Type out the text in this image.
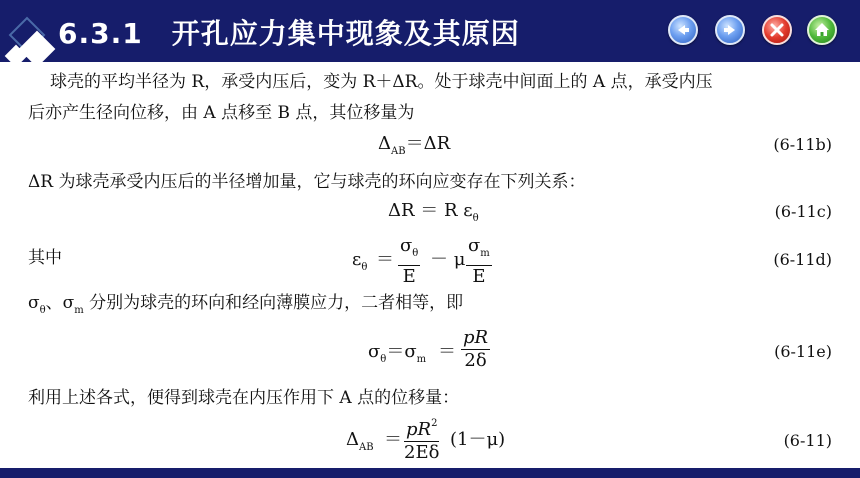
6.3.1　开孔应力集中现象及其原因
球壳的平均半径为 R，承受内压后，变为 R＋ΔR。处于球壳中间面上的 A 点，承受内压
后亦产生径向位移，由 A 点移至 B 点，其位移量为
$\Delta_{AB}=\Delta R$	(6-11b)
ΔR 为球壳承受内压后的半径增加量，它与球壳的环向应变存在下列关系：
ΔR ＝ R $\varepsilon_\theta$	(6-11c)
其中	$\varepsilon_\theta = \frac{\sigma_\theta}{E} - \mu \frac{\sigma_m}{E}$	(6-11d)
$\sigma_\theta$、$\sigma_m$ 分别为球壳的环向和经向薄膜应力，二者相等，即
$\sigma_\theta=\sigma_m = \frac{pR}{2\delta}$	(6-11e)
利用上述各式，便得到球壳在内压作用下 A 点的位移量：
$\Delta_{AB} = \frac{pR^2}{2E\delta} (1-\mu)$	(6-11)
